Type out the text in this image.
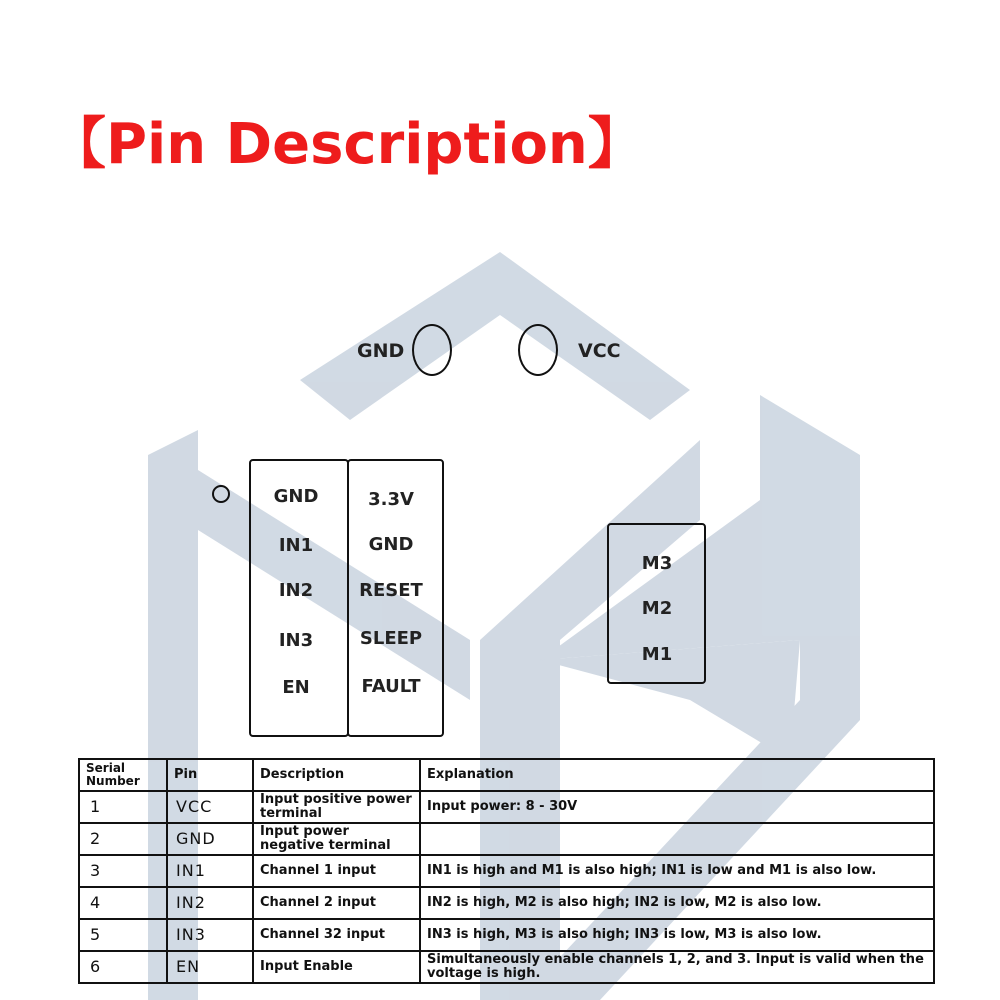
【Pin Description】
GND	VCC
GND
IN1
IN2
IN3
EN
3.3V
GND
RESET
SLEEP
FAULT
M3
M2
M1
Serial Number	Pin	Description	Explanation
1	VCC	Input positive power terminal	Input power: 8 - 30V
2	GND	Input power negative terminal	
3	IN1	Channel 1 input	IN1 is high and M1 is also high; IN1 is low and M1 is also low.
4	IN2	Channel 2 input	IN2 is high, M2 is also high; IN2 is low, M2 is also low.
5	IN3	Channel 32 input	IN3 is high, M3 is also high; IN3 is low, M3 is also low.
6	EN	Input Enable	Simultaneously enable channels 1, 2, and 3. Input is valid when the voltage is high.
